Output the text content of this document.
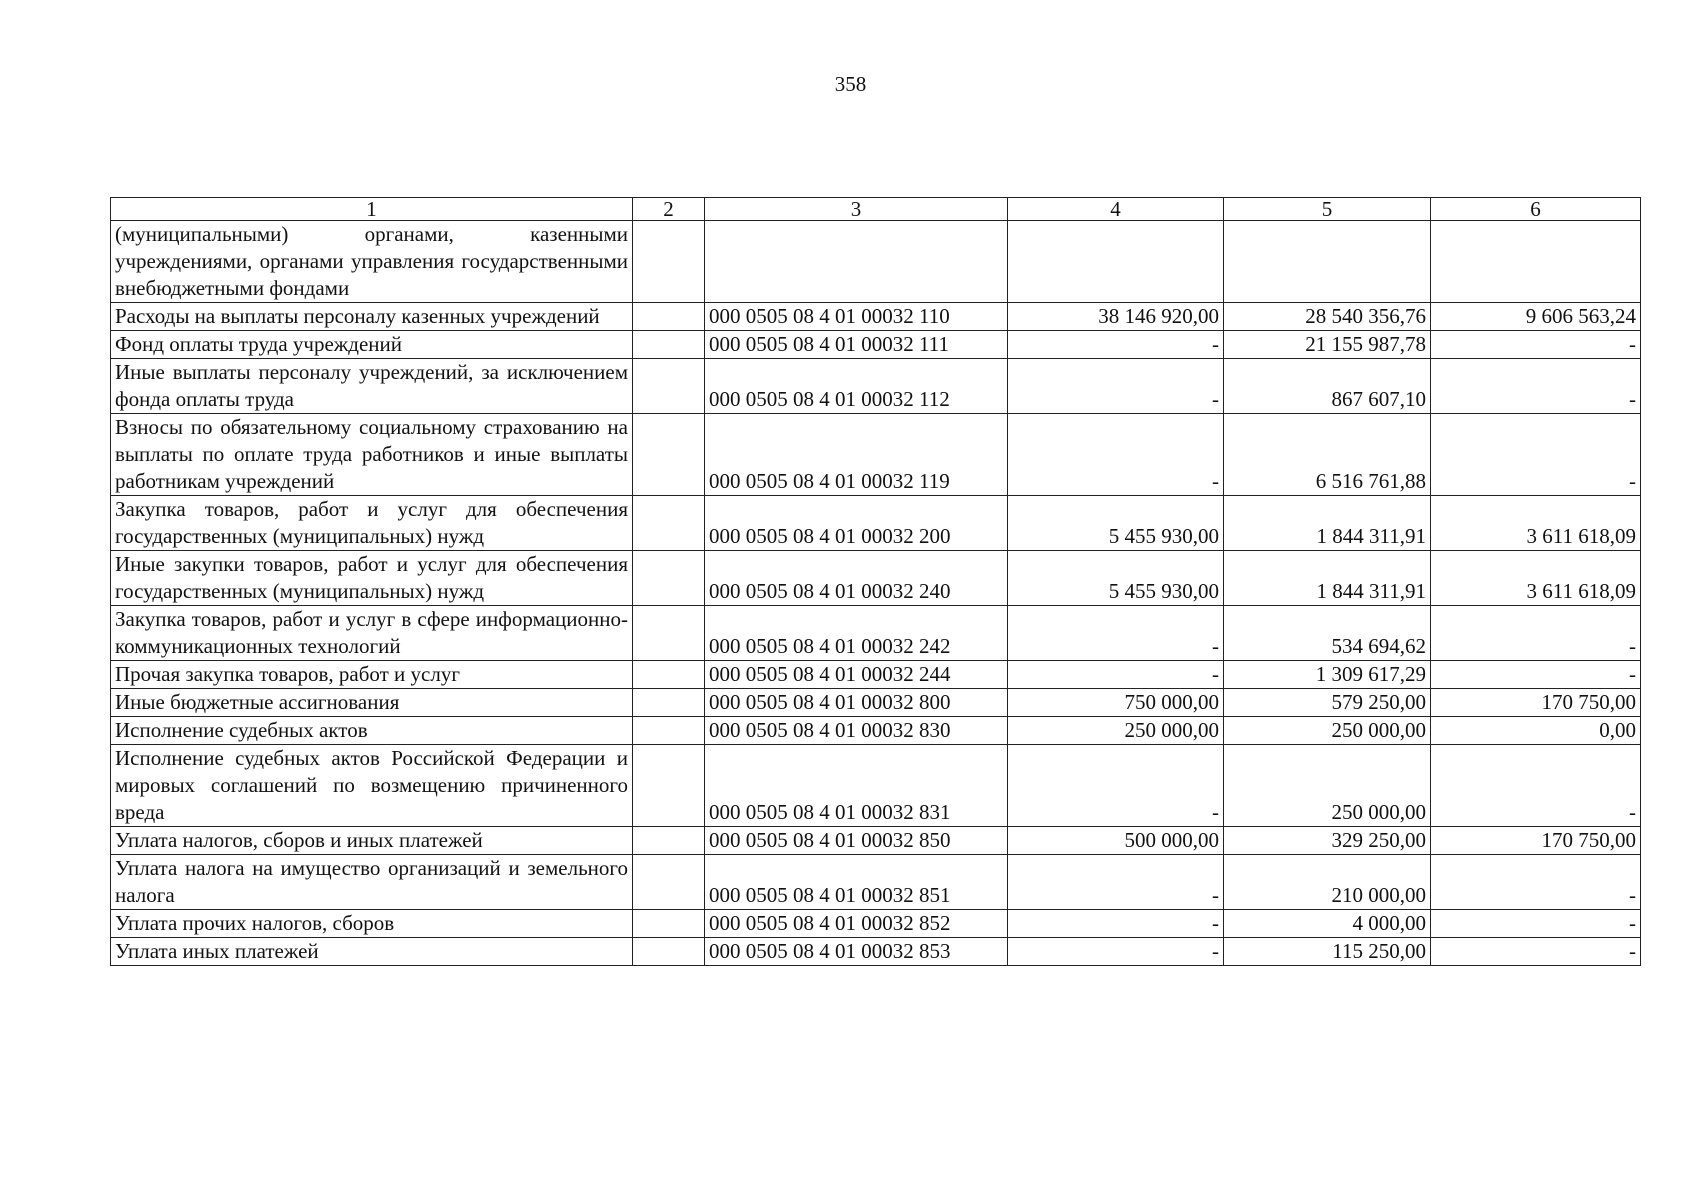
358
1	2	3	4	5	6
(муниципальными) органами, казенными учреждениями, органами управления государственными внебюджетными фондами					
Расходы на выплаты персоналу казенных учреждений		000 0505 08 4 01 00032 110	38 146 920,00	28 540 356,76	9 606 563,24
Фонд оплаты труда учреждений		000 0505 08 4 01 00032 111	-	21 155 987,78	-
Иные выплаты персоналу учреждений, за исключением фонда оплаты труда		000 0505 08 4 01 00032 112	-	867 607,10	-
Взносы по обязательному социальному страхованию на выплаты по оплате труда работников и иные выплаты работникам учреждений		000 0505 08 4 01 00032 119	-	6 516 761,88	-
Закупка товаров, работ и услуг для обеспечения государственных (муниципальных) нужд		000 0505 08 4 01 00032 200	5 455 930,00	1 844 311,91	3 611 618,09
Иные закупки товаров, работ и услуг для обеспечения государственных (муниципальных) нужд		000 0505 08 4 01 00032 240	5 455 930,00	1 844 311,91	3 611 618,09
Закупка товаров, работ и услуг в сфере информационно-коммуникационных технологий		000 0505 08 4 01 00032 242	-	534 694,62	-
Прочая закупка товаров, работ и услуг		000 0505 08 4 01 00032 244	-	1 309 617,29	-
Иные бюджетные ассигнования		000 0505 08 4 01 00032 800	750 000,00	579 250,00	170 750,00
Исполнение судебных актов		000 0505 08 4 01 00032 830	250 000,00	250 000,00	0,00
Исполнение судебных актов Российской Федерации и мировых соглашений по возмещению причиненного вреда		000 0505 08 4 01 00032 831	-	250 000,00	-
Уплата налогов, сборов и иных платежей		000 0505 08 4 01 00032 850	500 000,00	329 250,00	170 750,00
Уплата налога на имущество организаций и земельного налога		000 0505 08 4 01 00032 851	-	210 000,00	-
Уплата прочих налогов, сборов		000 0505 08 4 01 00032 852	-	4 000,00	-
Уплата иных платежей		000 0505 08 4 01 00032 853	-	115 250,00	-
